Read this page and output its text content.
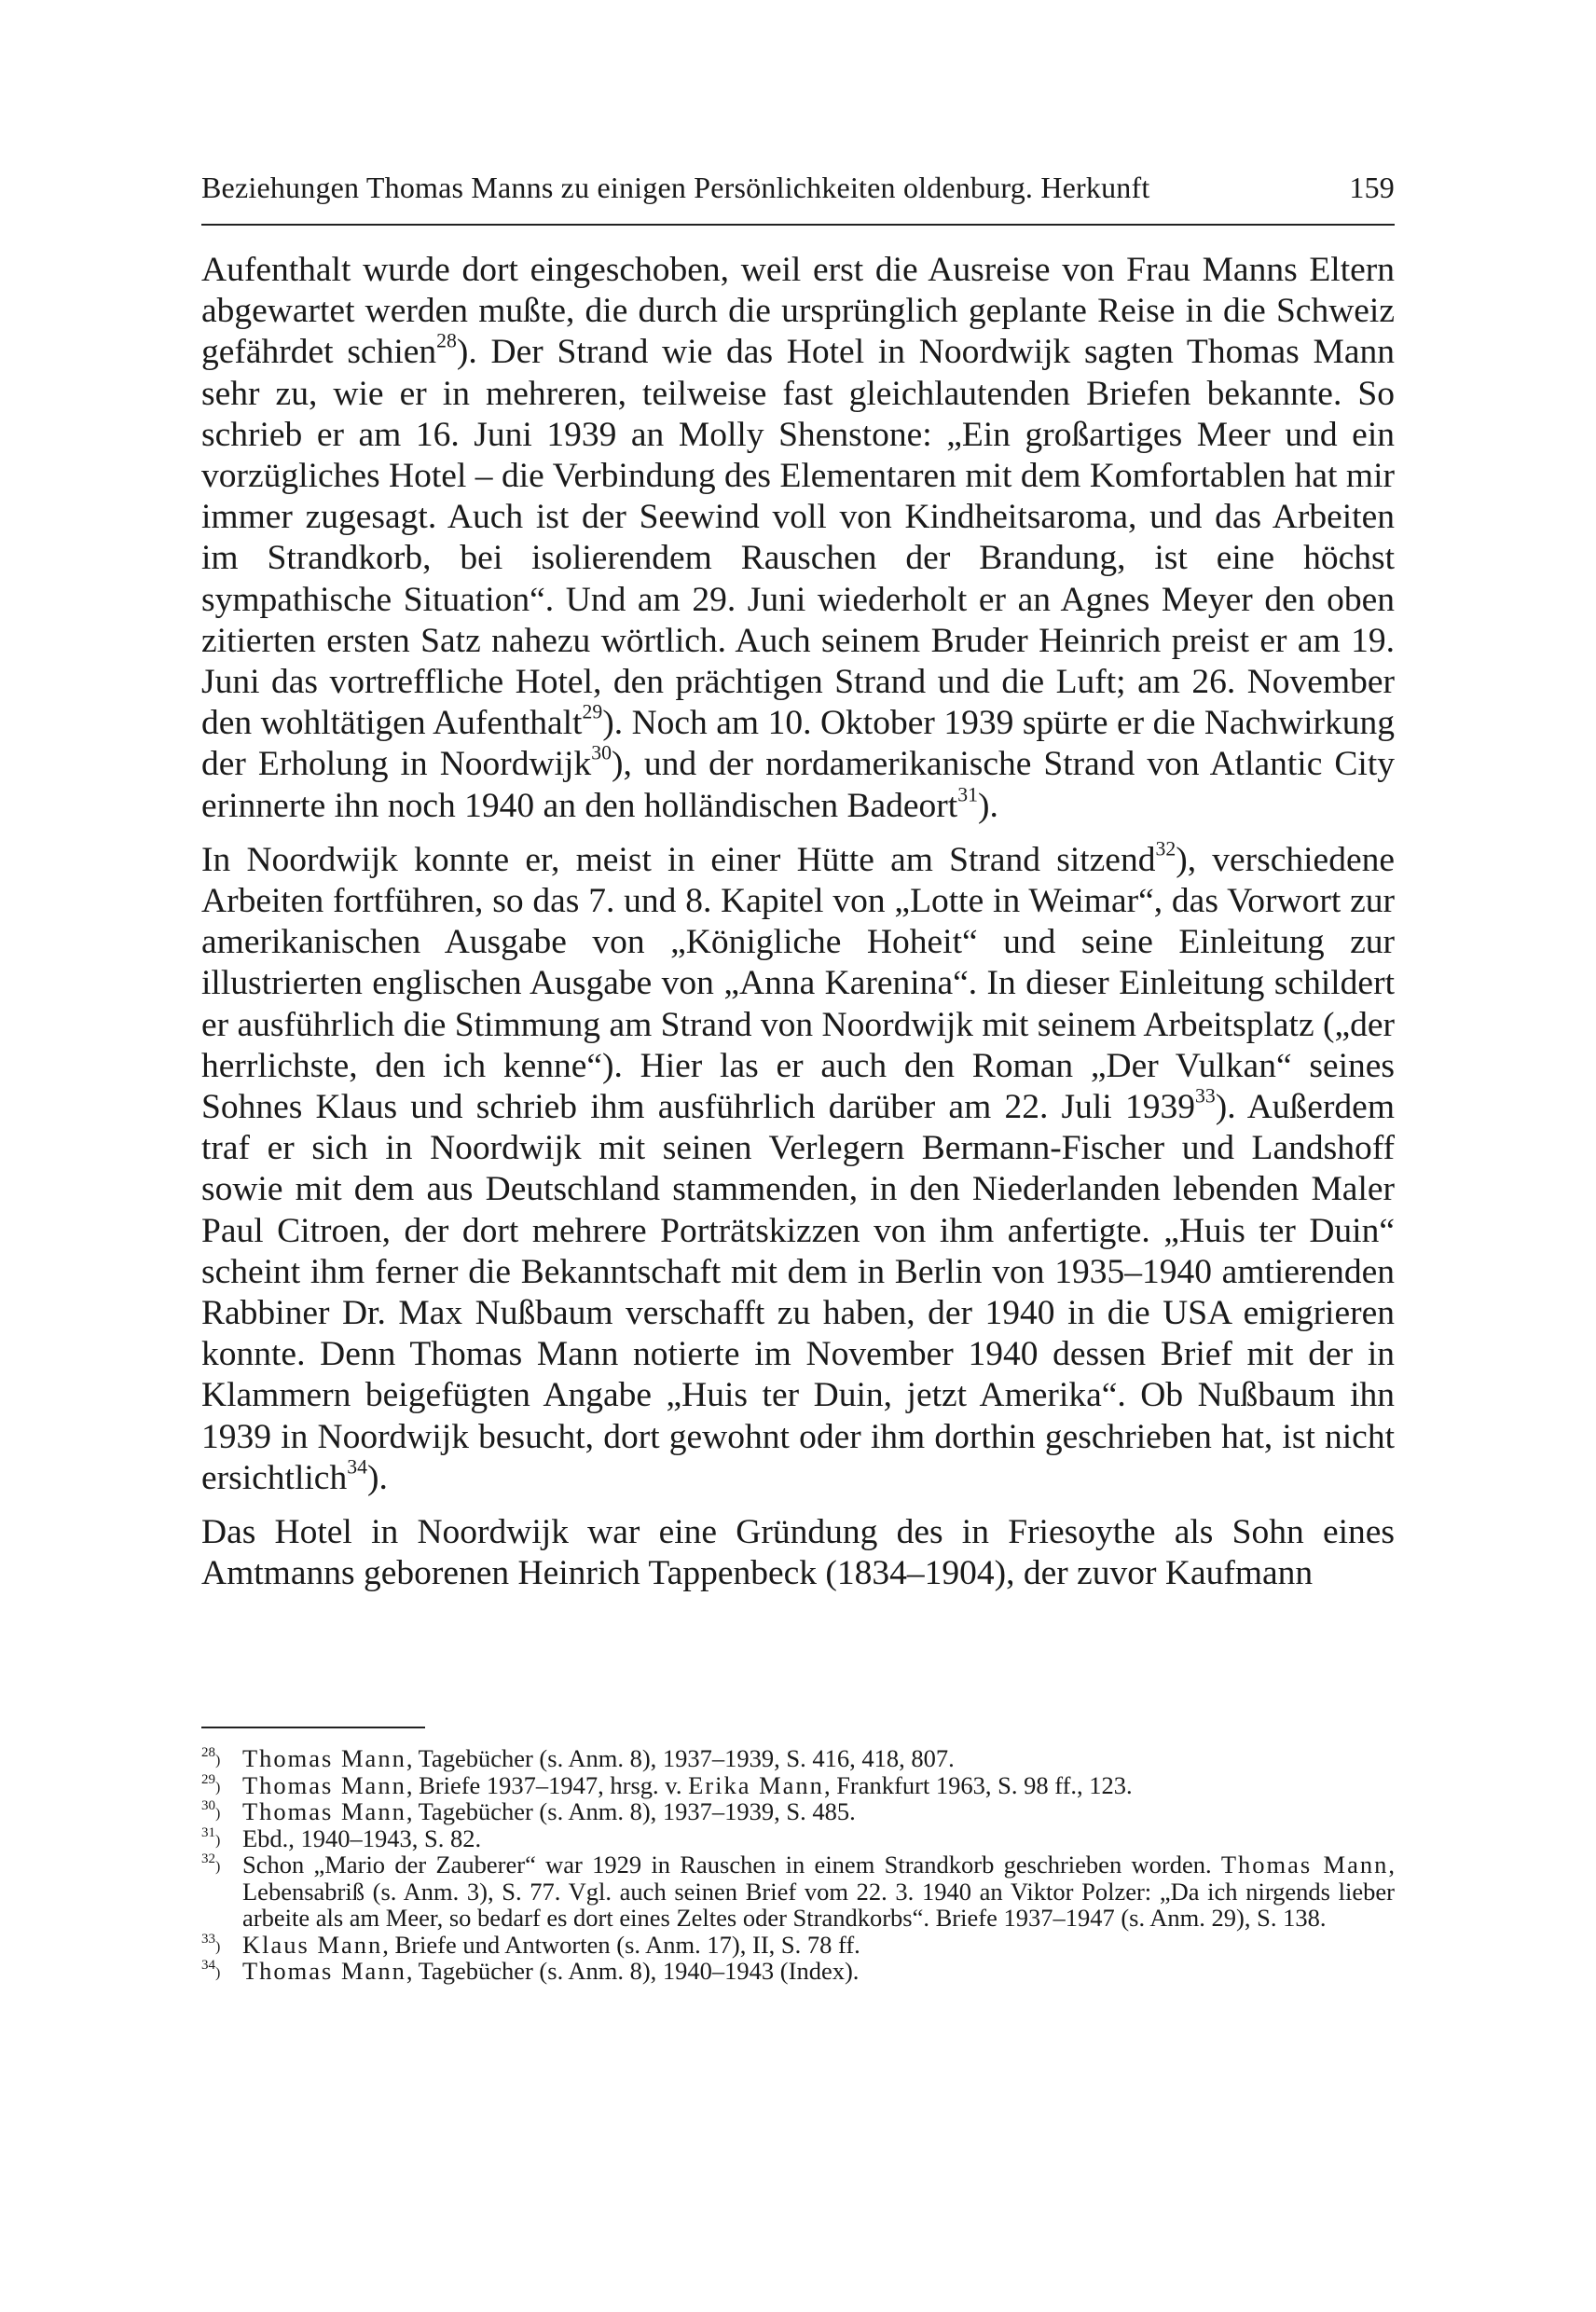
Beziehungen Thomas Manns zu einigen Persönlichkeiten oldenburg. Herkunft	159

Aufenthalt wurde dort eingeschoben, weil erst die Ausreise von Frau Manns Eltern abgewartet werden mußte, die durch die ursprünglich geplante Reise in die Schweiz gefährdet schien$^{28}$). Der Strand wie das Hotel in Noordwijk sagten Thomas Mann sehr zu, wie er in mehreren, teilweise fast gleichlautenden Briefen bekannte. So schrieb er am 16. Juni 1939 an Molly Shenstone: „Ein großartiges Meer und ein vorzügliches Hotel – die Verbindung des Elementaren mit dem Komfortablen hat mir immer zugesagt. Auch ist der Seewind voll von Kindheitsaroma, und das Arbeiten im Strandkorb, bei isolierendem Rauschen der Brandung, ist eine höchst sympathische Situation“. Und am 29. Juni wiederholt er an Agnes Meyer den oben zitierten ersten Satz nahezu wörtlich. Auch seinem Bruder Heinrich preist er am 19. Juni das vortreffliche Hotel, den prächtigen Strand und die Luft; am 26. November den wohltätigen Aufenthalt$^{29}$). Noch am 10. Oktober 1939 spürte er die Nachwirkung der Erholung in Noordwijk$^{30}$), und der nordamerikanische Strand von Atlantic City erinnerte ihn noch 1940 an den holländischen Badeort$^{31}$).

In Noordwijk konnte er, meist in einer Hütte am Strand sitzend$^{32}$), verschiedene Arbeiten fortführen, so das 7. und 8. Kapitel von „Lotte in Weimar“, das Vorwort zur amerikanischen Ausgabe von „Königliche Hoheit“ und seine Einleitung zur illustrierten englischen Ausgabe von „Anna Karenina“. In dieser Einleitung schildert er ausführlich die Stimmung am Strand von Noordwijk mit seinem Arbeitsplatz („der herrlichste, den ich kenne“). Hier las er auch den Roman „Der Vulkan“ seines Sohnes Klaus und schrieb ihm ausführlich darüber am 22. Juli 1939$^{33}$). Außerdem traf er sich in Noordwijk mit seinen Verlegern Bermann-Fischer und Landshoff sowie mit dem aus Deutschland stammenden, in den Niederlanden lebenden Maler Paul Citroen, der dort mehrere Porträtskizzen von ihm anfertigte. „Huis ter Duin“ scheint ihm ferner die Bekanntschaft mit dem in Berlin von 1935–1940 amtierenden Rabbiner Dr. Max Nußbaum verschafft zu haben, der 1940 in die USA emigrieren konnte. Denn Thomas Mann notierte im November 1940 dessen Brief mit der in Klammern beigefügten Angabe „Huis ter Duin, jetzt Amerika“. Ob Nußbaum ihn 1939 in Noordwijk besucht, dort gewohnt oder ihm dorthin geschrieben hat, ist nicht ersichtlich$^{34}$).

Das Hotel in Noordwijk war eine Gründung des in Friesoythe als Sohn eines Amtmanns geborenen Heinrich Tappenbeck (1834–1904), der zuvor Kaufmann

28) Thomas Mann, Tagebücher (s. Anm. 8), 1937–1939, S. 416, 418, 807.
29) Thomas Mann, Briefe 1937–1947, hrsg. v. Erika Mann, Frankfurt 1963, S. 98 ff., 123.
30) Thomas Mann, Tagebücher (s. Anm. 8), 1937–1939, S. 485.
31) Ebd., 1940–1943, S. 82.
32) Schon „Mario der Zauberer“ war 1929 in Rauschen in einem Strandkorb geschrieben worden. Thomas Mann, Lebensabriß (s. Anm. 3), S. 77. Vgl. auch seinen Brief vom 22. 3. 1940 an Viktor Polzer: „Da ich nirgends lieber arbeite als am Meer, so bedarf es dort eines Zeltes oder Strandkorbs“. Briefe 1937–1947 (s. Anm. 29), S. 138.
33) Klaus Mann, Briefe und Antworten (s. Anm. 17), II, S. 78 ff.
34) Thomas Mann, Tagebücher (s. Anm. 8), 1940–1943 (Index).
